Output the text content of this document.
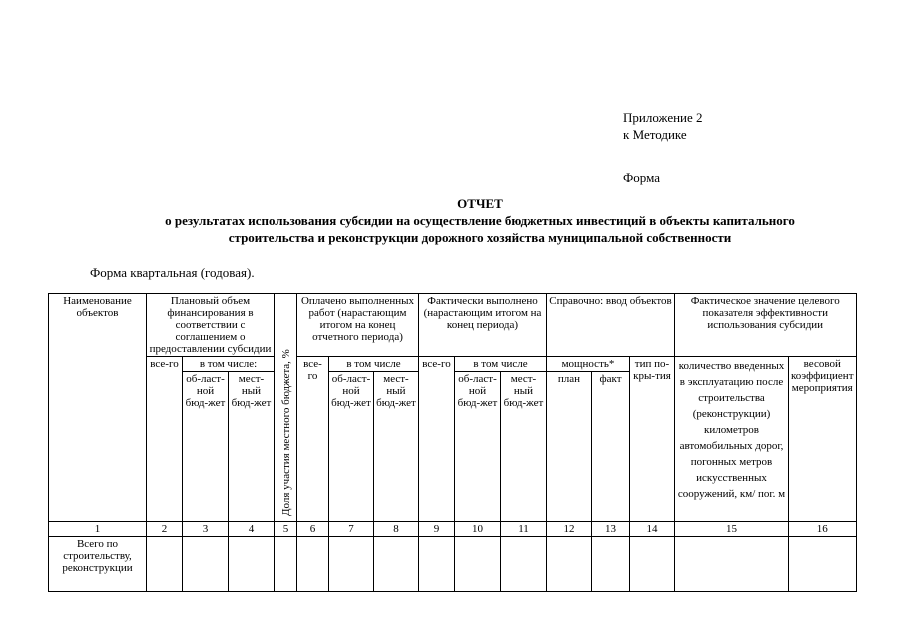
Приложение 2
к Методике
Форма
ОТЧЕТ
о результатах использования субсидии на осуществление бюджетных инвестиций в объекты капитального
строительства и реконструкции дорожного хозяйства муниципальной собственности
Форма квартальная (годовая).
Наименование объектов	Плановый объем финансирования в соответствии с соглашением о предоставлении субсидии			Доля участия местного бюджета, %	Оплачено выполненных работ (нарастающим итогом на конец отчетного периода)			Фактически выполнено (нарастающим итогом на конец периода)			Справочно: ввод объектов			Фактическое значение целевого показателя эффективности использования субсидии	
	все-го	в том числе:			все-го	в том числе		все-го	в том числе		мощность*		тип по-кры-тия	количество введенных в эксплуатацию после строительства (реконструкции) километров автомобильных дорог, погонных метров искусственных сооружений, км/ пог. м	весовой коэффициент мероприятия
		об-ласт-ной бюд-жет	мест-ный бюд-жет			об-ласт-ной бюд-жет	мест-ный бюд-жет		об-ласт-ной бюд-жет	мест-ный бюд-жет	план	факт			
1	2	3	4	5	6	7	8	9	10	11	12	13	14	15	16
Всего по строительству, реконструкции															
